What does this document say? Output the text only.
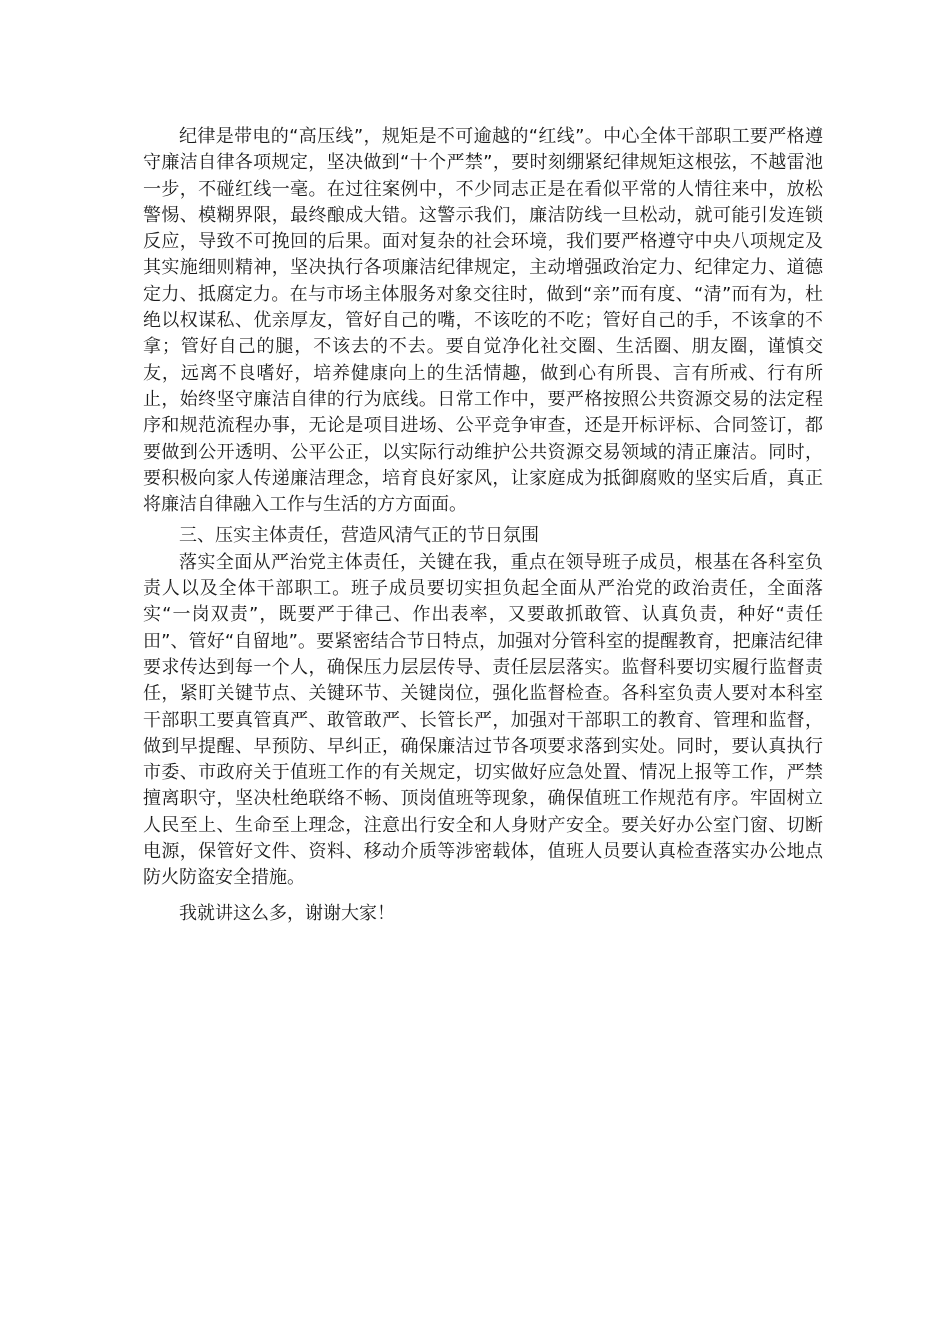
纪律是带电的“高压线”，规矩是不可逾越的“红线”。中心全体干部职工要严格遵守廉洁自律各项规定，坚决做到“十个严禁”，要时刻绷紧纪律规矩这根弦，不越雷池一步，不碰红线一毫。在过往案例中，不少同志正是在看似平常的人情往来中，放松警惕、模糊界限，最终酿成大错。这警示我们，廉洁防线一旦松动，就可能引发连锁反应，导致不可挽回的后果。面对复杂的社会环境，我们要严格遵守中央八项规定及其实施细则精神，坚决执行各项廉洁纪律规定，主动增强政治定力、纪律定力、道德定力、抵腐定力。在与市场主体服务对象交往时，做到“亲”而有度、“清”而有为，杜绝以权谋私、优亲厚友，管好自己的嘴，不该吃的不吃；管好自己的手，不该拿的不拿；管好自己的腿，不该去的不去。要自觉净化社交圈、生活圈、朋友圈，谨慎交友，远离不良嗜好，培养健康向上的生活情趣，做到心有所畏、言有所戒、行有所止，始终坚守廉洁自律的行为底线。日常工作中，要严格按照公共资源交易的法定程序和规范流程办事，无论是项目进场、公平竞争审查，还是开标评标、合同签订，都要做到公开透明、公平公正，以实际行动维护公共资源交易领域的清正廉洁。同时，要积极向家人传递廉洁理念，培育良好家风，让家庭成为抵御腐败的坚实后盾，真正将廉洁自律融入工作与生活的方方面面。

三、压实主体责任，营造风清气正的节日氛围

落实全面从严治党主体责任，关键在我，重点在领导班子成员，根基在各科室负责人以及全体干部职工。班子成员要切实担负起全面从严治党的政治责任，全面落实“一岗双责”，既要严于律己、作出表率，又要敢抓敢管、认真负责，种好“责任田”、管好“自留地”。要紧密结合节日特点，加强对分管科室的提醒教育，把廉洁纪律要求传达到每一个人，确保压力层层传导、责任层层落实。监督科要切实履行监督责任，紧盯关键节点、关键环节、关键岗位，强化监督检查。各科室负责人要对本科室干部职工要真管真严、敢管敢严、长管长严，加强对干部职工的教育、管理和监督，做到早提醒、早预防、早纠正，确保廉洁过节各项要求落到实处。同时，要认真执行市委、市政府关于值班工作的有关规定，切实做好应急处置、情况上报等工作，严禁擅离职守，坚决杜绝联络不畅、顶岗值班等现象，确保值班工作规范有序。牢固树立人民至上、生命至上理念，注意出行安全和人身财产安全。要关好办公室门窗、切断电源，保管好文件、资料、移动介质等涉密载体，值班人员要认真检查落实办公地点防火防盗安全措施。

我就讲这么多，谢谢大家！
